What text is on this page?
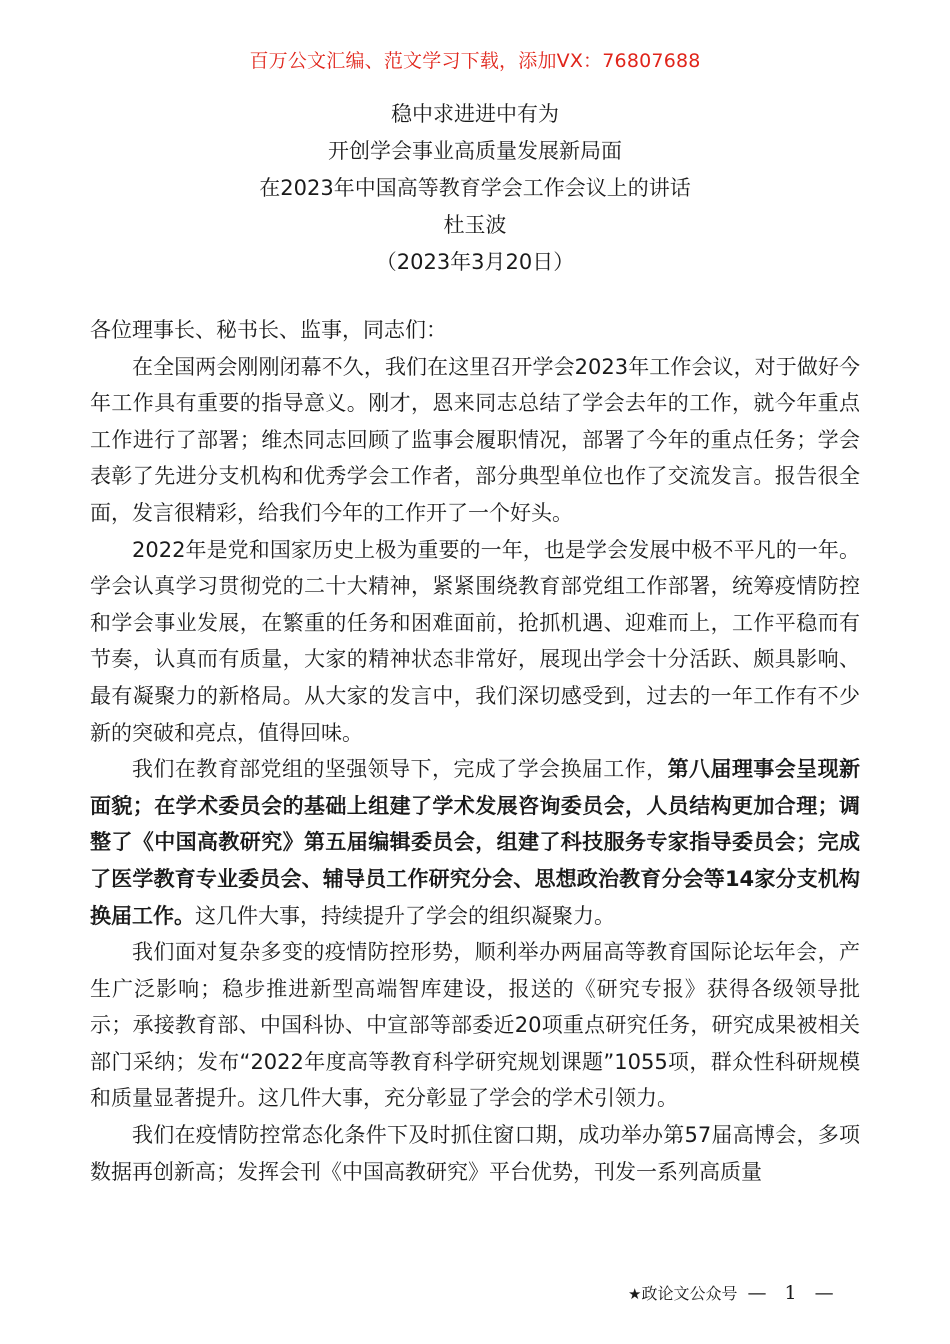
百万公文汇编、范文学习下载，添加VX：76807688
稳中求进进中有为
开创学会事业高质量发展新局面
在2023年中国高等教育学会工作会议上的讲话
杜玉波
（2023年3月20日）

各位理事长、秘书长、监事，同志们：

在全国两会刚刚闭幕不久，我们在这里召开学会2023年工作会议，对于做好今年工作具有重要的指导意义。刚才，恩来同志总结了学会去年的工作，就今年重点工作进行了部署；维杰同志回顾了监事会履职情况，部署了今年的重点任务；学会表彰了先进分支机构和优秀学会工作者，部分典型单位也作了交流发言。报告很全面，发言很精彩，给我们今年的工作开了一个好头。

2022年是党和国家历史上极为重要的一年，也是学会发展中极不平凡的一年。学会认真学习贯彻党的二十大精神，紧紧围绕教育部党组工作部署，统筹疫情防控和学会事业发展，在繁重的任务和困难面前，抢抓机遇、迎难而上，工作平稳而有节奏，认真而有质量，大家的精神状态非常好，展现出学会十分活跃、颇具影响、最有凝聚力的新格局。从大家的发言中，我们深切感受到，过去的一年工作有不少新的突破和亮点，值得回味。

我们在教育部党组的坚强领导下，完成了学会换届工作，第八届理事会呈现新面貌；在学术委员会的基础上组建了学术发展咨询委员会，人员结构更加合理；调整了《中国高教研究》第五届编辑委员会，组建了科技服务专家指导委员会；完成了医学教育专业委员会、辅导员工作研究分会、思想政治教育分会等14家分支机构换届工作。这几件大事，持续提升了学会的组织凝聚力。

我们面对复杂多变的疫情防控形势，顺利举办两届高等教育国际论坛年会，产生广泛影响；稳步推进新型高端智库建设，报送的《研究专报》获得各级领导批示；承接教育部、中国科协、中宣部等部委近20项重点研究任务，研究成果被相关部门采纳；发布“2022年度高等教育科学研究规划课题”1055项，群众性科研规模和质量显著提升。这几件大事，充分彰显了学会的学术引领力。

我们在疫情防控常态化条件下及时抓住窗口期，成功举办第57届高博会，多项数据再创新高；发挥会刊《中国高教研究》平台优势，刊发一系列高质量

★政论文公众号 — 1 —
